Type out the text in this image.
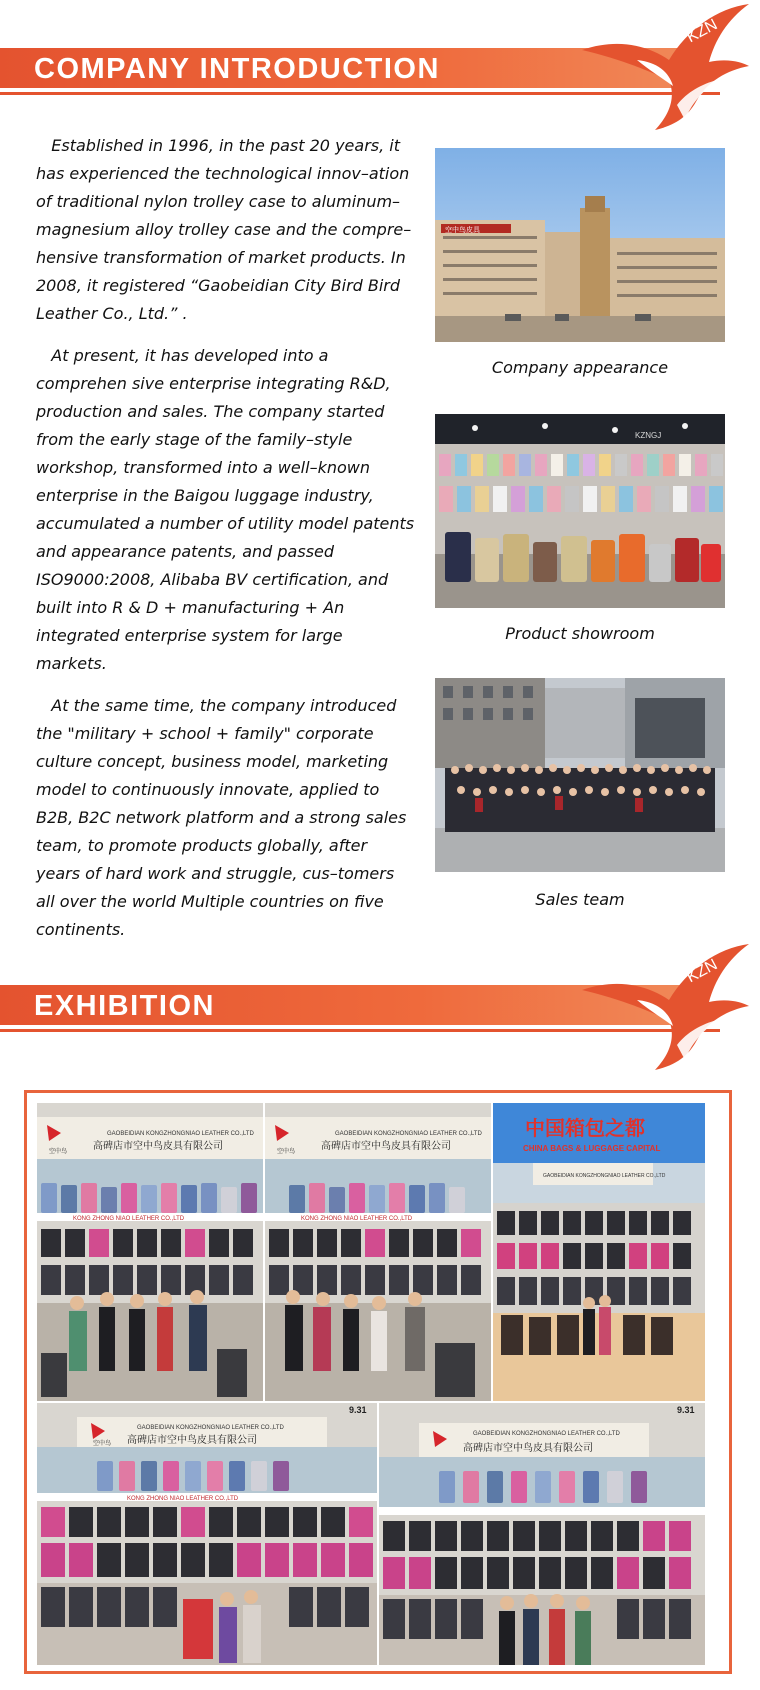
COMPANY INTRODUCTION
KZN

Established in 1996, in the past 20 years, it has experienced the technological innov–ation of traditional nylon trolley case to aluminum–magnesium alloy trolley case and the compre–hensive transformation of market products. In 2008, it registered “Gaobeidian City Bird Bird Leather Co., Ltd.” .

At present, it has developed into a comprehen sive enterprise integrating R&D, production and sales. The company started from the early stage of the family–style workshop, transformed into a well–known enterprise in the Baigou luggage industry, accumulated a number of utility model patents and appearance patents, and passed ISO9000:2008, Alibaba BV certification, and built into R & D + manufacturing + An integrated enterprise system for large markets.

At the same time, the company introduced the "military + school + family" corporate culture concept, business model, marketing model to continuously innovate, applied to B2B, B2C network platform and a strong sales team, to promote products globally, after years of hard work and struggle, cus–tomers all over the world Multiple countries on five continents.

空中鸟皮具
Company appearance
KZNGJ
Product showroom
Sales team
EXHIBITION
KZN
GAOBEIDIAN KONGZHONGNIAO LEATHER CO.,LTD
高碑店市空中鸟皮具有限公司
空中鸟
KONG ZHONG NIAO LEATHER CO.,LTD
GAOBEIDIAN KONGZHONGNIAO LEATHER CO.,LTD
高碑店市空中鸟皮具有限公司
空中鸟
KONG ZHONG NIAO LEATHER CO.,LTD
中国箱包之都
CHINA BAGS & LUGGAGE CAPITAL
GAOBEIDIAN KONGZHONGNIAO LEATHER CO.,LTD
9.31
GAOBEIDIAN KONGZHONGNIAO LEATHER CO.,LTD
高碑店市空中鸟皮具有限公司
空中鸟
KONG ZHONG NIAO LEATHER CO.,LTD
9.31
GAOBEIDIAN KONGZHONGNIAO LEATHER CO.,LTD
高碑店市空中鸟皮具有限公司
